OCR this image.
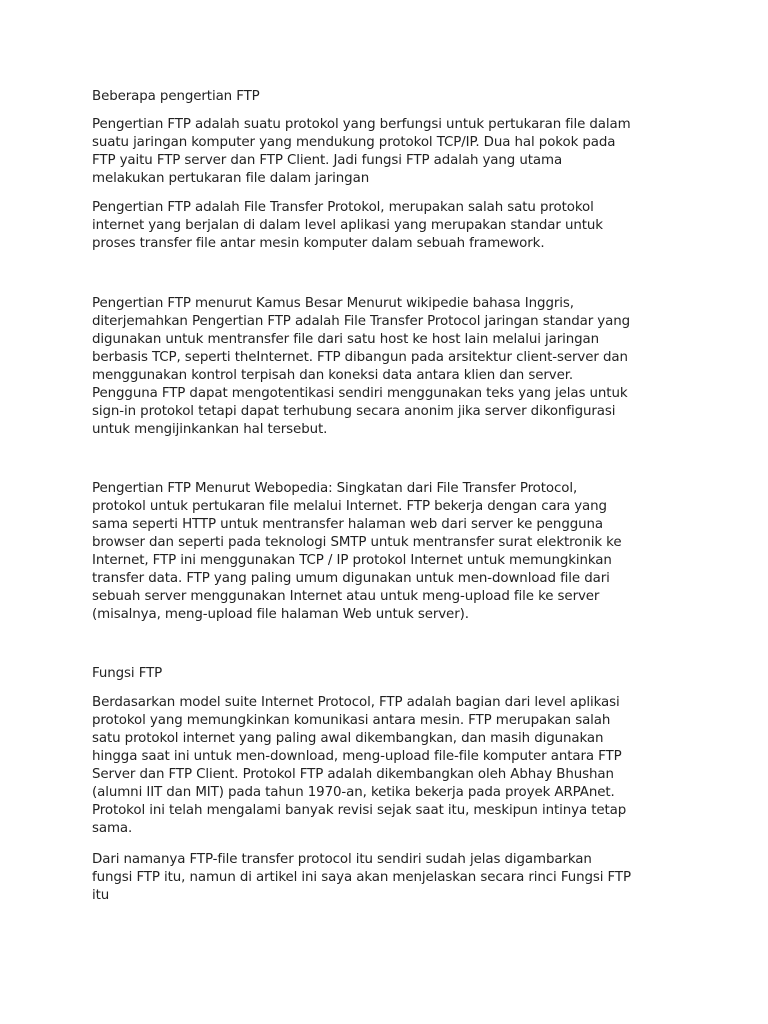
Beberapa pengertian FTP

Pengertian FTP adalah suatu protokol yang berfungsi untuk pertukaran file dalam
suatu jaringan komputer yang mendukung protokol TCP/IP. Dua hal pokok pada
FTP yaitu FTP server dan FTP Client. Jadi fungsi FTP adalah yang utama
melakukan pertukaran file dalam jaringan

Pengertian FTP adalah File Transfer Protokol, merupakan salah satu protokol
internet yang berjalan di dalam level aplikasi yang merupakan standar untuk
proses transfer file antar mesin komputer dalam sebuah framework.

Pengertian FTP menurut Kamus Besar Menurut wikipedie bahasa Inggris,
diterjemahkan Pengertian FTP adalah File Transfer Protocol jaringan standar yang
digunakan untuk mentransfer file dari satu host ke host lain melalui jaringan
berbasis TCP, seperti theInternet. FTP dibangun pada arsitektur client-server dan
menggunakan kontrol terpisah dan koneksi data antara klien dan server.
Pengguna FTP dapat mengotentikasi sendiri menggunakan teks yang jelas untuk
sign-in protokol tetapi dapat terhubung secara anonim jika server dikonfigurasi
untuk mengijinkankan hal tersebut.

Pengertian FTP Menurut Webopedia: Singkatan dari File Transfer Protocol,
protokol untuk pertukaran file melalui Internet. FTP bekerja dengan cara yang
sama seperti HTTP untuk mentransfer halaman web dari server ke pengguna
browser dan seperti pada teknologi SMTP untuk mentransfer surat elektronik ke
Internet, FTP ini menggunakan TCP / IP protokol Internet untuk memungkinkan
transfer data. FTP yang paling umum digunakan untuk men-download file dari
sebuah server menggunakan Internet atau untuk meng-upload file ke server
(misalnya, meng-upload file halaman Web untuk server).

Fungsi FTP

Berdasarkan model suite Internet Protocol, FTP adalah bagian dari level aplikasi
protokol yang memungkinkan komunikasi antara mesin. FTP merupakan salah
satu protokol internet yang paling awal dikembangkan, dan masih digunakan
hingga saat ini untuk men-download, meng-upload file-file komputer antara FTP
Server dan FTP Client. Protokol FTP adalah dikembangkan oleh Abhay Bhushan
(alumni IIT dan MIT) pada tahun 1970-an, ketika bekerja pada proyek ARPAnet.
Protokol ini telah mengalami banyak revisi sejak saat itu, meskipun intinya tetap
sama.

Dari namanya FTP-file transfer protocol itu sendiri sudah jelas digambarkan
fungsi FTP itu, namun di artikel ini saya akan menjelaskan secara rinci Fungsi FTP
itu
